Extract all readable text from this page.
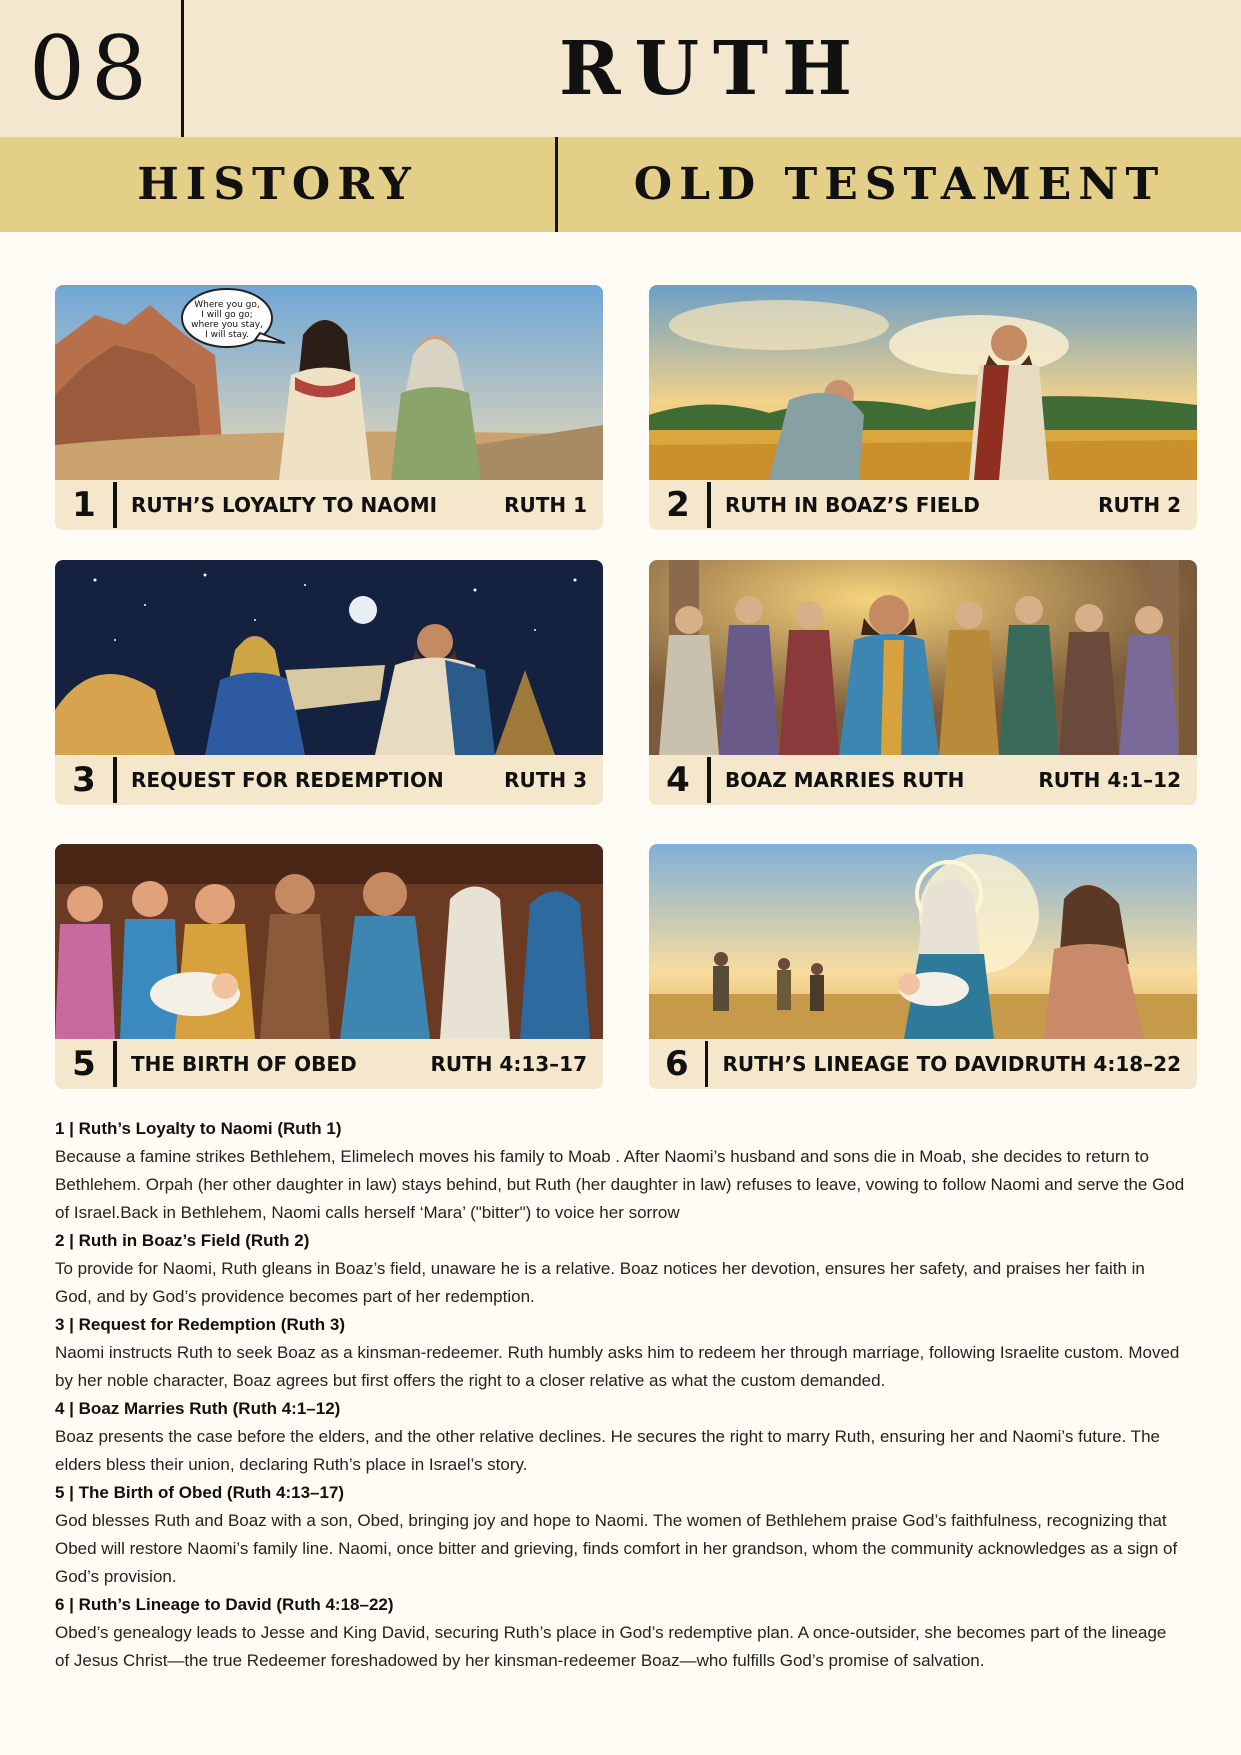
08	RUTH
HISTORY	OLD TESTAMENT
Where you go,
I will go go;
where you stay,
I will stay.
1	RUTH’S LOYALTY TO NAOMI	RUTH 1	2	RUTH IN BOAZ’S FIELD	RUTH 2
3	REQUEST FOR REDEMPTION	RUTH 3	4	BOAZ MARRIES RUTH	RUTH 4:1–12
5	THE BIRTH OF OBED	RUTH 4:13–17	6	RUTH’S LINEAGE TO DAVID RUTH 4:18–22

1 | Ruth’s Loyalty to Naomi (Ruth 1)

Because a famine strikes Bethlehem, Elimelech moves his family to Moab . After Naomi’s husband and sons die in Moab, she decides to return to Bethlehem. Orpah (her other daughter in law) stays behind, but Ruth (her daughter in law) refuses to leave, vowing to follow Naomi and serve the God of Israel.Back in Bethlehem, Naomi calls herself ‘Mara’ ("bitter") to voice her sorrow

2 | Ruth in Boaz’s Field (Ruth 2)

To provide for Naomi, Ruth gleans in Boaz’s field, unaware he is a relative. Boaz notices her devotion, ensures her safety, and praises her faith in God, and by God’s providence becomes part of her redemption.

3 | Request for Redemption (Ruth 3)

Naomi instructs Ruth to seek Boaz as a kinsman-redeemer. Ruth humbly asks him to redeem her through marriage, following Israelite custom. Moved by her noble character, Boaz agrees but first offers the right to a closer relative as what the custom demanded.

4 | Boaz Marries Ruth (Ruth 4:1–12)

Boaz presents the case before the elders, and the other relative declines. He secures the right to marry Ruth, ensuring her and Naomi’s future. The elders bless their union, declaring Ruth’s place in Israel’s story.

5 | The Birth of Obed (Ruth 4:13–17)

God blesses Ruth and Boaz with a son, Obed, bringing joy and hope to Naomi. The women of Bethlehem praise God’s faithfulness, recognizing that Obed will restore Naomi’s family line. Naomi, once bitter and grieving, finds comfort in her grandson, whom the community acknowledges as a sign of God’s provision.

6 | Ruth’s Lineage to David (Ruth 4:18–22)

Obed’s genealogy leads to Jesse and King David, securing Ruth’s place in God’s redemptive plan. A once-outsider, she becomes part of the lineage of Jesus Christ—the true Redeemer foreshadowed by her kinsman-redeemer Boaz—who fulfills God’s promise of salvation.
